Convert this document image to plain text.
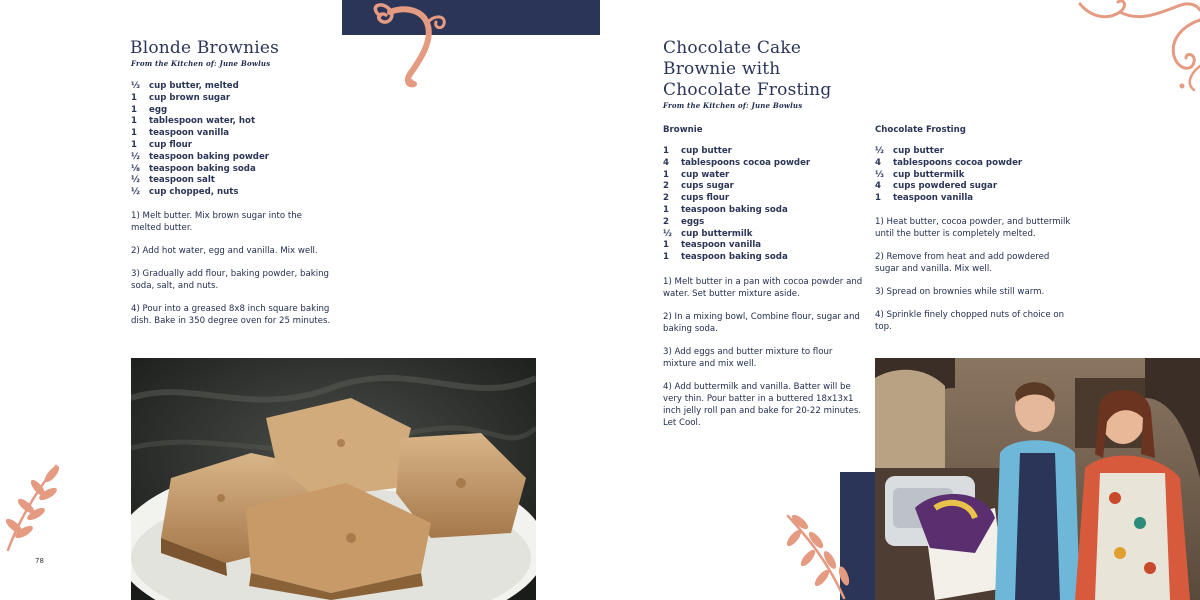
Blonde Brownies
From the Kitchen of: June Bowlus
⅓	cup butter, melted
1	cup brown sugar
1	egg
1	tablespoon water, hot
1	teaspoon vanilla
1	cup flour
½	teaspoon baking powder
⅛	teaspoon baking soda
½	teaspoon salt
½	cup chopped, nuts

1) Melt butter. Mix brown sugar into the melted butter.

2) Add hot water, egg and vanilla. Mix well.

3) Gradually add flour, baking powder, baking soda, salt, and nuts.

4) Pour into a greased 8x8 inch square baking dish. Bake in 350 degree oven for 25 minutes.

78
Chocolate Cake
Brownie with
Chocolate Frosting
From the Kitchen of: June Bowlus
Brownie
1	cup butter
4	tablespoons cocoa powder
1	cup water
2	cups sugar
2	cups flour
1	teaspoon baking soda
2	eggs
½	cup buttermilk
1	teaspoon vanilla
1	teaspoon baking soda

1) Melt butter in a pan with cocoa powder and water. Set butter mixture aside.

2) In a mixing bowl, Combine flour, sugar and baking soda.

3) Add eggs and butter mixture to flour mixture and mix well.

4) Add buttermilk and vanilla. Batter will be very thin. Pour batter in a buttered 18x13x1 inch jelly roll pan and bake for 20-22 minutes. Let Cool.

Chocolate Frosting
½	cup butter
4	tablespoons cocoa powder
⅓	cup buttermilk
4	cups powdered sugar
1	teaspoon vanilla

1) Heat butter, cocoa powder, and buttermilk until the butter is completely melted.

2) Remove from heat and add powdered sugar and vanilla. Mix well.

3) Spread on brownies while still warm.

4) Sprinkle finely chopped nuts of choice on top.
